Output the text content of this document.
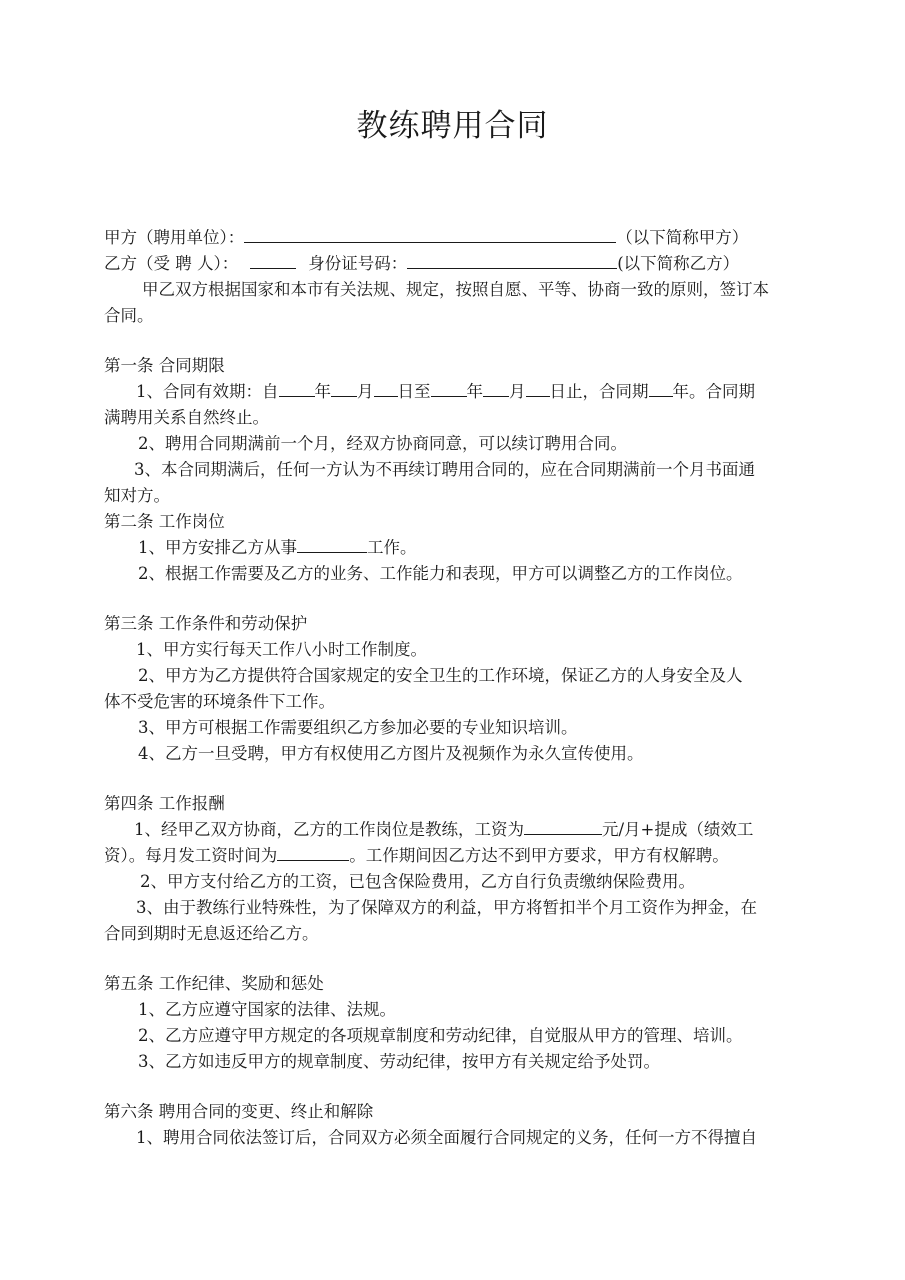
教练聘用合同
甲方（聘用单位）：	（以下简称甲方）
乙方（受 聘 人）：	身份证号码：	(以下简称乙方）
甲乙双方根据国家和本市有关法规、规定，按照自愿、平等、协商一致的原则，签订本
合同。
第一条 合同期限
1、合同有效期：自 年 月 日至 年 月 日止，合同期 年。合同期
满聘用关系自然终止。
2、聘用合同期满前一个月，经双方协商同意，可以续订聘用合同。
3、本合同期满后，任何一方认为不再续订聘用合同的，应在合同期满前一个月书面通
知对方。
第二条 工作岗位
1、甲方安排乙方从事	工作。
2、根据工作需要及乙方的业务、工作能力和表现，甲方可以调整乙方的工作岗位。
第三条 工作条件和劳动保护
1、甲方实行每天工作八小时工作制度。
2、甲方为乙方提供符合国家规定的安全卫生的工作环境，保证乙方的人身安全及人
体不受危害的环境条件下工作。
3、甲方可根据工作需要组织乙方参加必要的专业知识培训。
4、乙方一旦受聘，甲方有权使用乙方图片及视频作为永久宣传使用。
第四条 工作报酬
1、经甲乙双方协商，乙方的工作岗位是教练，工资为	元/月+提成（绩效工
资）。每月发工资时间为	。工作期间因乙方达不到甲方要求，甲方有权解聘。
2、甲方支付给乙方的工资，已包含保险费用，乙方自行负责缴纳保险费用。
3、由于教练行业特殊性，为了保障双方的利益，甲方将暂扣半个月工资作为押金，在
合同到期时无息返还给乙方。
第五条 工作纪律、奖励和惩处
1、乙方应遵守国家的法律、法规。
2、乙方应遵守甲方规定的各项规章制度和劳动纪律，自觉服从甲方的管理、培训。
3、乙方如违反甲方的规章制度、劳动纪律，按甲方有关规定给予处罚。
第六条 聘用合同的变更、终止和解除
1、聘用合同依法签订后，合同双方必须全面履行合同规定的义务，任何一方不得擅自
